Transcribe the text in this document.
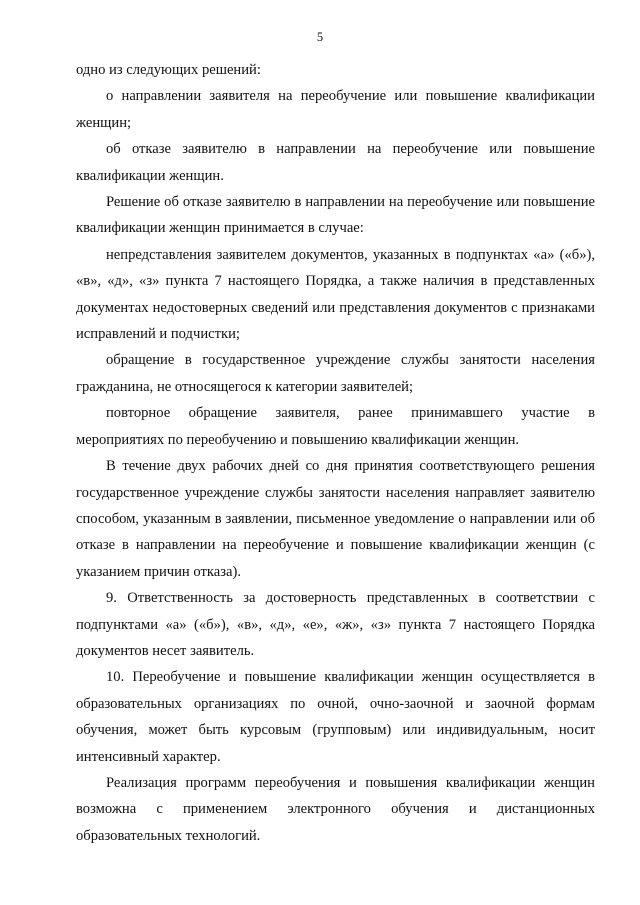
5

одно из следующих решений:

о направлении заявителя на переобучение или повышение квалификации женщин;

об отказе заявителю в направлении на переобучение или повышение квалификации женщин.

Решение об отказе заявителю в направлении на переобучение или повышение квалификации женщин принимается в случае:

непредставления заявителем документов, указанных в подпунктах «а» («б»), «в», «д», «з» пункта 7 настоящего Порядка, а также наличия в представленных документах недостоверных сведений или представления документов с признаками исправлений и подчистки;

обращение в государственное учреждение службы занятости населения гражданина, не относящегося к категории заявителей;

повторное обращение заявителя, ранее принимавшего участие в мероприятиях по переобучению и повышению квалификации женщин.

В течение двух рабочих дней со дня принятия соответствующего решения государственное учреждение службы занятости населения направляет заявителю способом, указанным в заявлении, письменное уведомление о направлении или об отказе в направлении на переобучение и повышение квалификации женщин (с указанием причин отказа).

9. Ответственность за достоверность представленных в соответствии с подпунктами «а» («б»), «в», «д», «е», «ж», «з» пункта 7 настоящего Порядка документов несет заявитель.

10. Переобучение и повышение квалификации женщин осуществляется в образовательных организациях по очной, очно-заочной и заочной формам обучения, может быть курсовым (групповым) или индивидуальным, носит интенсивный характер.

Реализация программ переобучения и повышения квалификации женщин возможна с применением электронного обучения и дистанционных образовательных технологий.
